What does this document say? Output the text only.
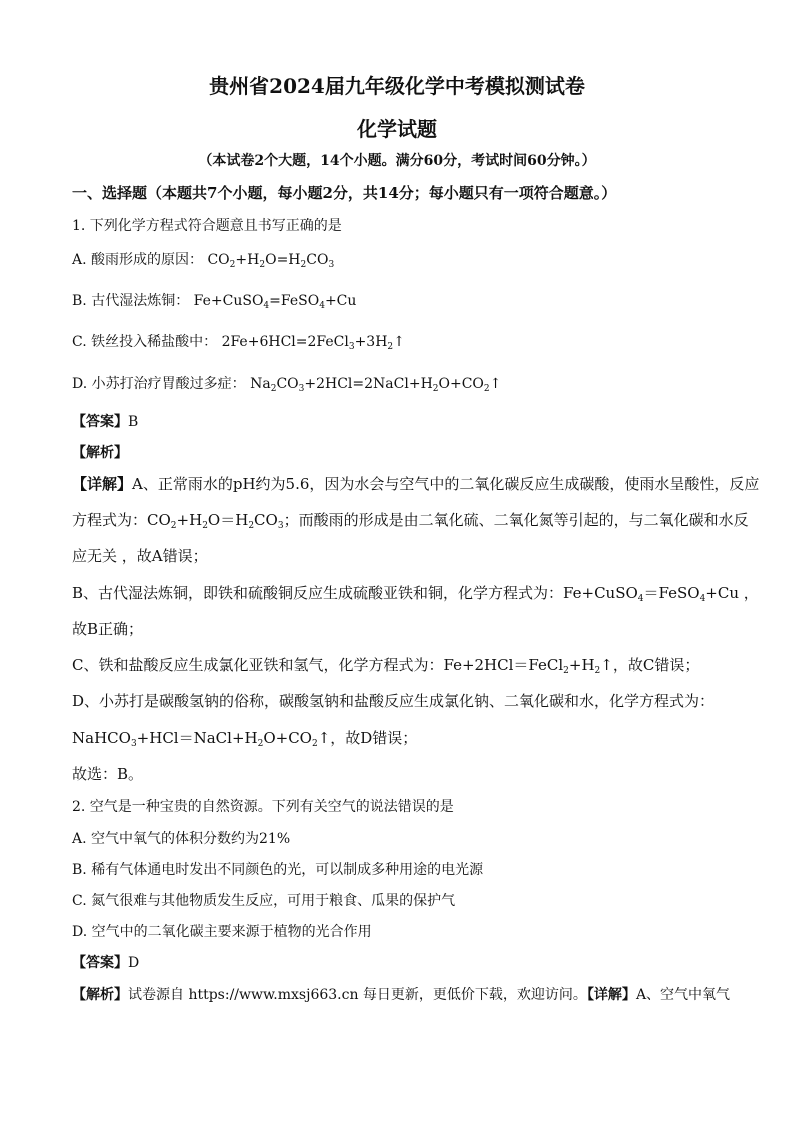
贵州省2024届九年级化学中考模拟测试卷
化学试题
（本试卷2个大题，14个小题。满分60分，考试时间60分钟。）
一、选择题（本题共7个小题，每小题2分，共14分；每小题只有一项符合题意。）
1. 下列化学方程式符合题意且书写正确的是
A. 酸雨形成的原因： $CO_2+H_2O=H_2CO_3$
B. 古代湿法炼铜： Fe+CuSO$_4$=FeSO$_4$+Cu
C. 铁丝投入稀盐酸中： $2Fe+6HCl=2FeCl_3+3H_2↑$
D. 小苏打治疗胃酸过多症： $Na_2CO_3+2HCl=2NaCl+H_2O+CO_2↑$
【答案】B
【解析】
【详解】A、正常雨水的pH约为5.6，因为水会与空气中的二氧化碳反应生成碳酸，使雨水呈酸性，反应
方程式为：$CO_2+H_2O=H_2CO_3$；而酸雨的形成是由二氧化硫、二氧化氮等引起的，与二氧化碳和水反
应无关 ，故A错误；
B、古代湿法炼铜，即铁和硫酸铜反应生成硫酸亚铁和铜，化学方程式为：Fe+CuSO$_4$＝FeSO$_4$+Cu ，
故B正确；
C、铁和盐酸反应生成氯化亚铁和氢气，化学方程式为：$Fe+2HCl=FeCl_2+H_2↑$，故C错误；
D、小苏打是碳酸氢钠的俗称，碳酸氢钠和盐酸反应生成氯化钠、二氧化碳和水，化学方程式为：
$NaHCO_3+HCl=NaCl+H_2O+CO_2↑$，故D错误；
故选：B。
2. 空气是一种宝贵的自然资源。下列有关空气的说法错误的是
A. 空气中氧气的体积分数约为21%
B. 稀有气体通电时发出不同颜色的光，可以制成多种用途的电光源
C. 氮气很难与其他物质发生反应，可用于粮食、瓜果的保护气
D. 空气中的二氧化碳主要来源于植物的光合作用
【答案】D
【解析】试卷源自 https://www.mxsj663.cn 每日更新，更低价下载，欢迎访问。【详解】A、空气中氧气
